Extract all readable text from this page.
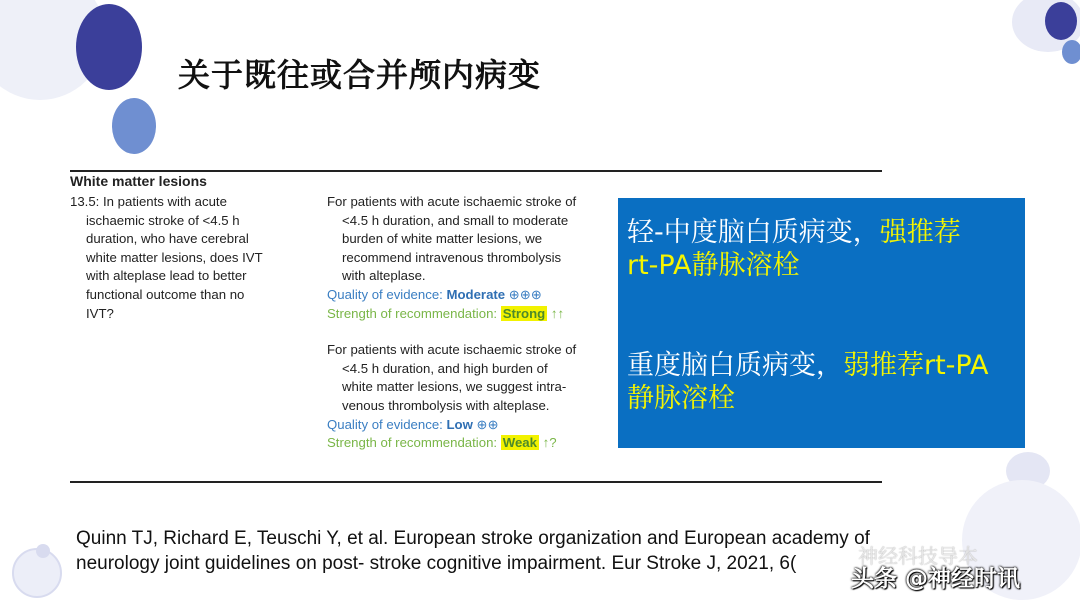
关于既往或合并颅内病变
White matter lesions
13.5: In patients with acute
ischaemic stroke of <4.5 h
duration, who have cerebral
white matter lesions, does IVT
with alteplase lead to better
functional outcome than no
IVT?

For patients with acute ischaemic stroke of

<4.5 h duration, and small to moderate

burden of white matter lesions, we

recommend intravenous thrombolysis

with alteplase.

Quality of evidence: Moderate ⊕⊕⊕

Strength of recommendation: Strong ↑↑

For patients with acute ischaemic stroke of

<4.5 h duration, and high burden of

white matter lesions, we suggest intra-

venous thrombolysis with alteplase.

Quality of evidence: Low ⊕⊕

Strength of recommendation: Weak ↑?

轻-中度脑白质病变，强推荐
rt-PA静脉溶栓
重度脑白质病变，弱推荐rt-PA
静脉溶栓
Quinn TJ, Richard E, Teuschi Y, et al. European stroke organization and European academy of
neurology joint guidelines on post- stroke cognitive impairment. Eur Stroke J, 2021, 6(	神经科技导本
头条 @神经时讯
